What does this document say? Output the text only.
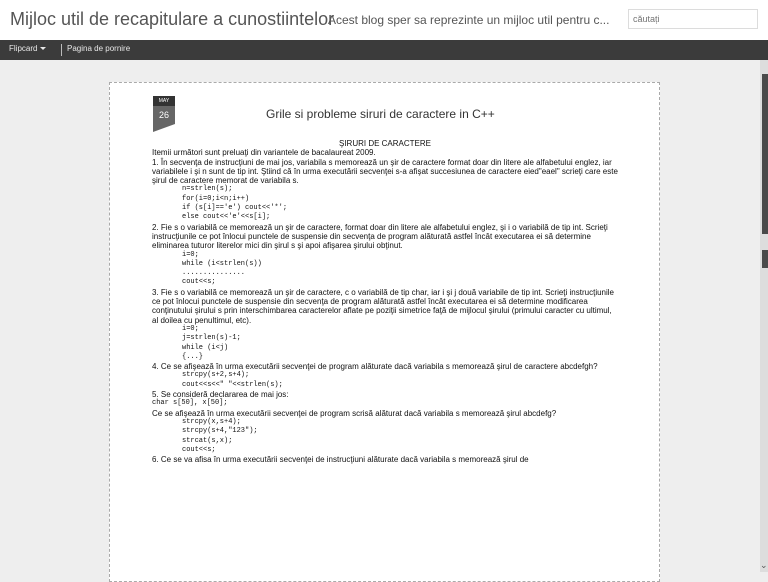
Mijloc util de recapitulare a cunostiintelor
Acest blog sper sa reprezinte un mijloc util pentru c...
căutați
Flipcard	Pagina de pornire
⌄
MAY
26	Grile si probleme siruri de caractere in C++

ŞIRURI DE CARACTERE

Itemii următori sunt preluaţi din variantele de bacalaureat 2009.

1. În secvenţa de instrucţiuni de mai jos, variabila s memorează un şir de caractere format doar din litere ale alfabetului englez, iar variabilele i şi n sunt de tip int. Ştiind că în urma executării secvenţei s-a afişat succesiunea de caractere eied"eael" scrieţi care este şirul de caractere memorat de variabila s.

n=strlen(s);

for(i=0;i<n;i++)

if (s[i]=='e') cout<<'*';

else cout<<'e'<<s[i];

2. Fie s o variabilă ce memorează un şir de caractere, format doar din litere ale alfabetului englez, şi i o variabilă de tip int. Scrieţi instrucţiunile ce pot înlocui punctele de suspensie din secvenţa de program alăturată astfel încât executarea ei să determine eliminarea tuturor literelor mici din şirul s şi apoi afişarea şirului obţinut.

i=0;

while (i<strlen(s))

...............

cout<<s;

3. Fie s o variabilă ce memorează un şir de caractere, c o variabilă de tip char, iar i şi j două variabile de tip int. Scrieţi instrucţiunile ce pot înlocui punctele de suspensie din secvenţa de program alăturată astfel încât executarea ei să determine modificarea conţinutului şirului s prin interschimbarea caracterelor aflate pe poziţii simetrice faţă de mijlocul şirului (primului caracter cu ultimul, al doilea cu penultimul, etc).

i=0;

j=strlen(s)-1;

while (i<j)

{...}

4. Ce se afişează în urma executării secvenţei de program alăturate dacă variabila s memorează şirul de caractere abcdefgh?

strcpy(s+2,s+4);

cout<<s<<" "<<strlen(s);

5. Se consideră declararea de mai jos:

char s[50], x[50];

Ce se afişează în urma executării secvenţei de program scrisă alăturat dacă variabila s memorează şirul abcdefg?

strcpy(x,s+4);

strcpy(s+4,"123");

strcat(s,x);

cout<<s;

6. Ce se va afisa în urma executării secvenţei de instrucţiuni alăturate dacă variabila s memorează şirul de
